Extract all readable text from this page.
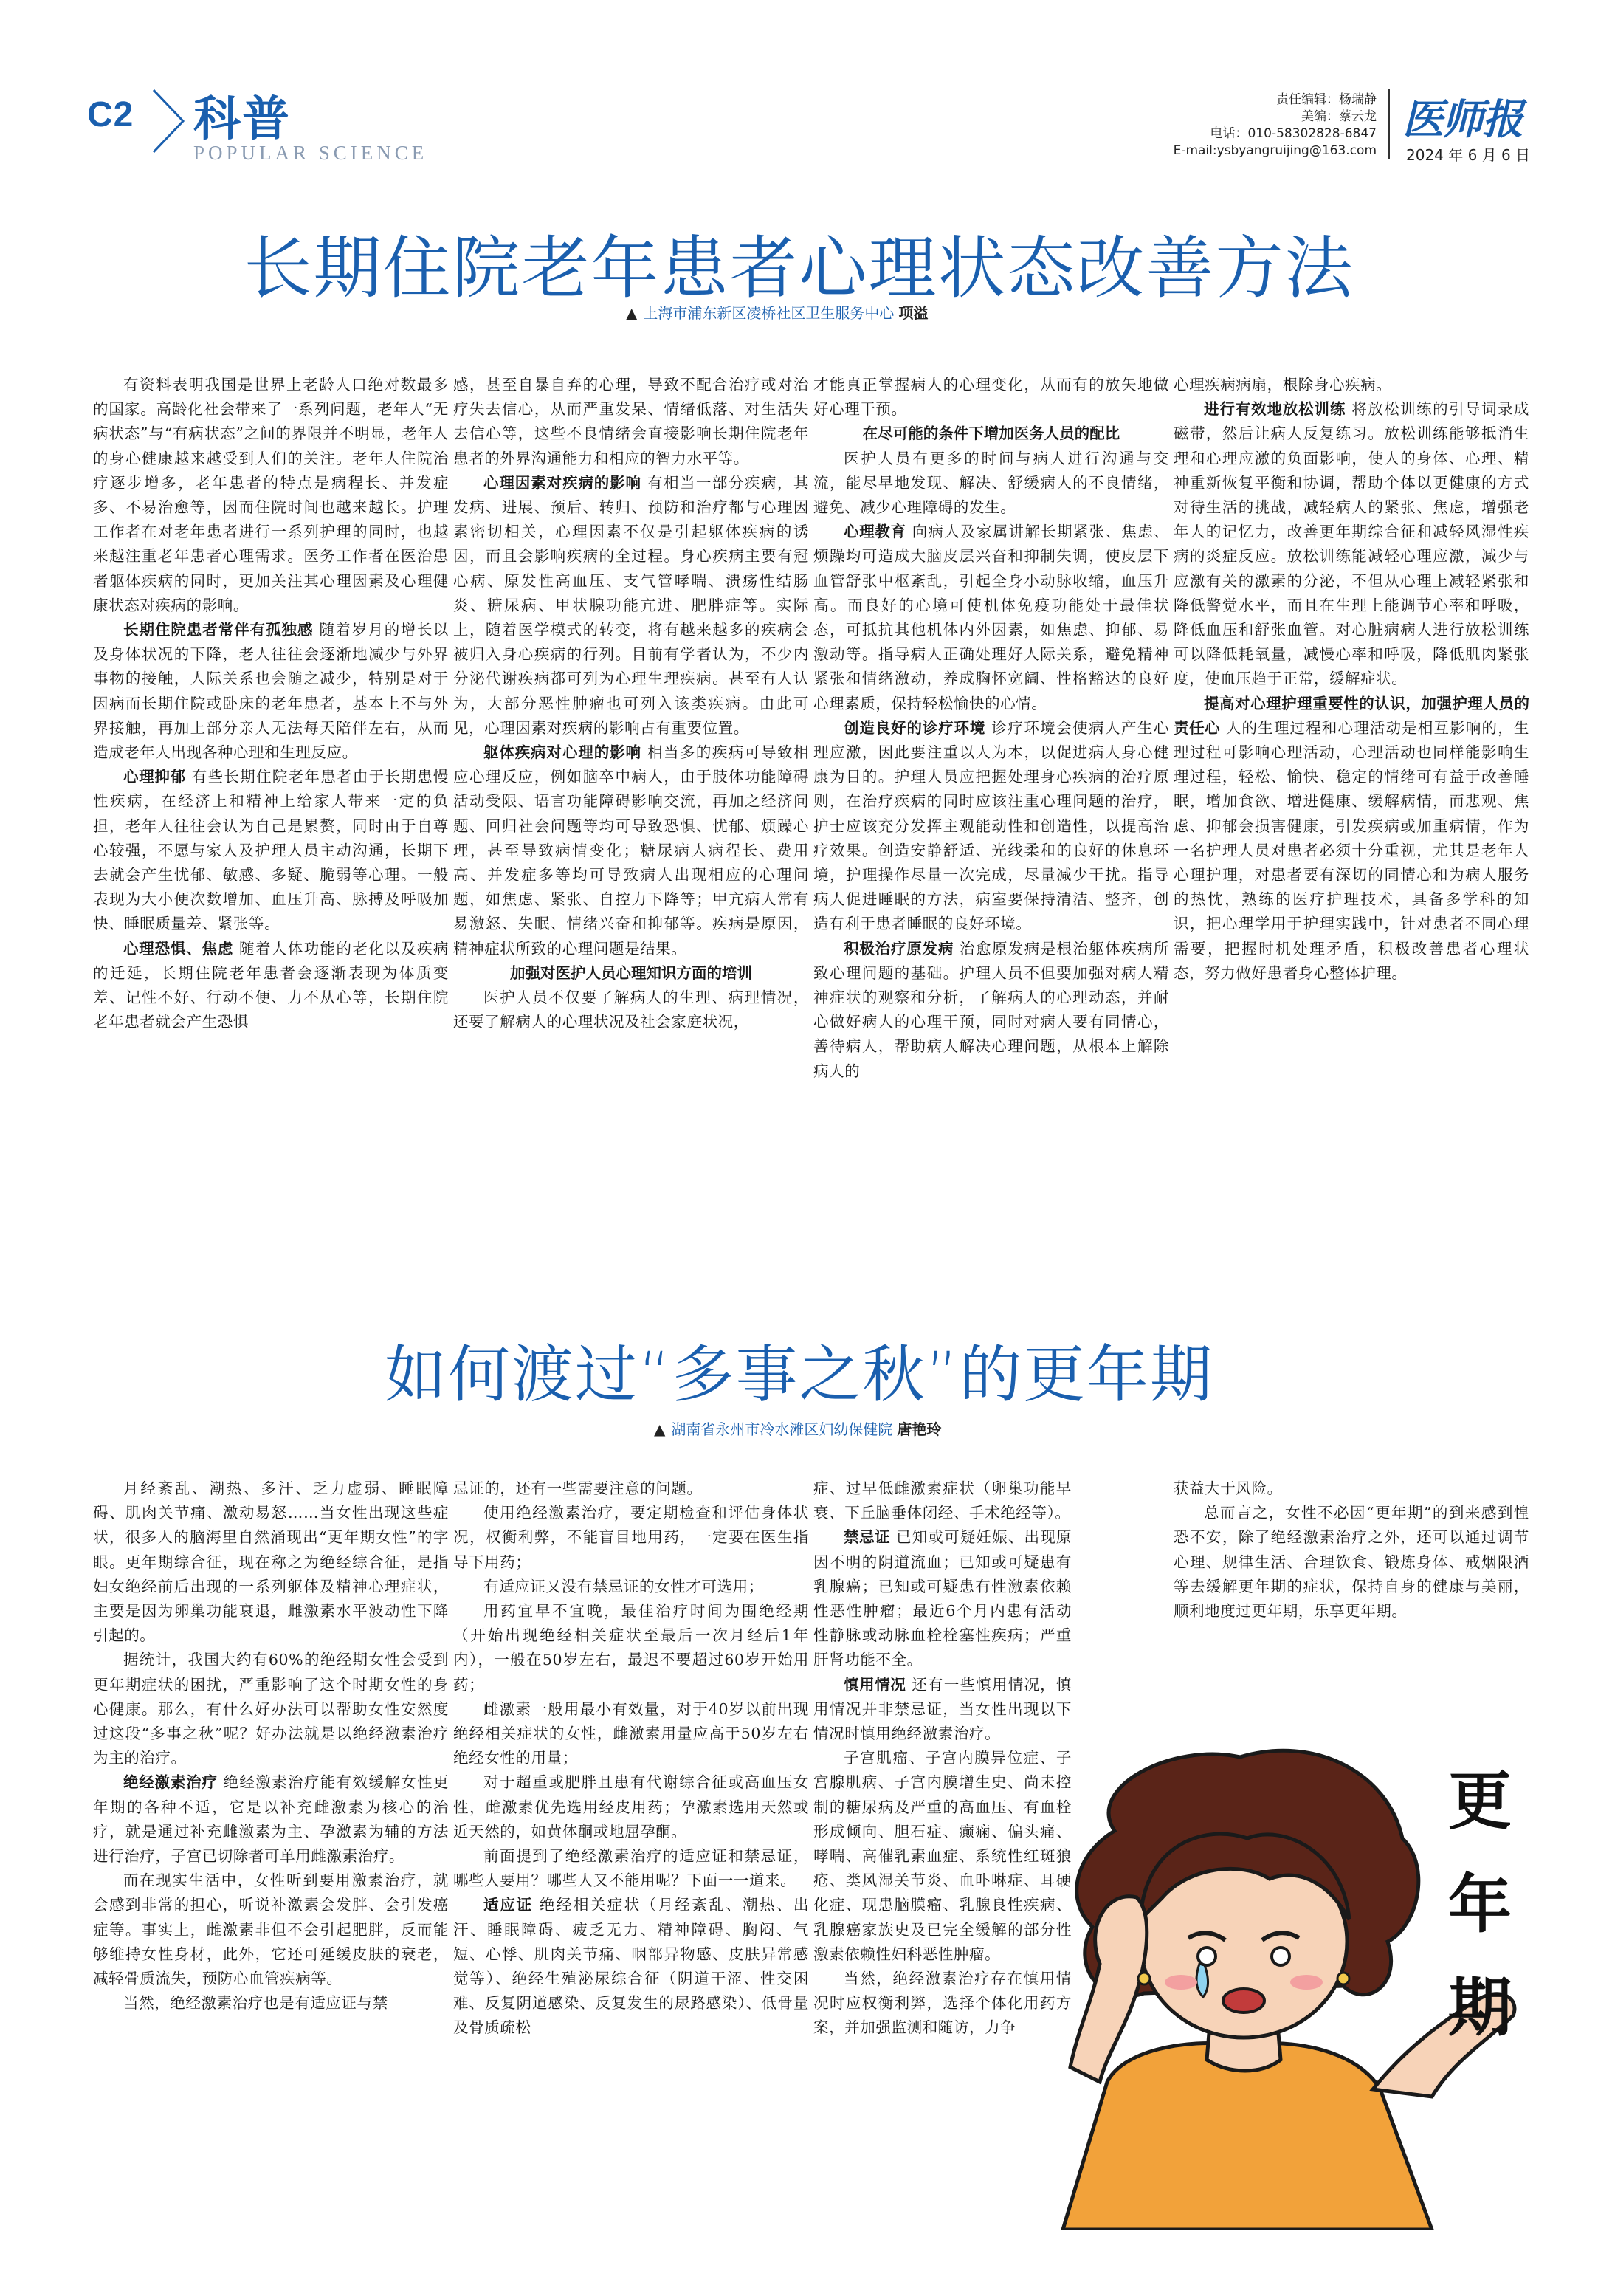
C2 科普
POPULAR SCIENCE
责任编辑：杨瑞静
美编：蔡云龙
电话：010-58302828-6847
E-mail:ysbyangruijing@163.com
医师报
2024 年 6 月 6 日
长期住院老年患者心理状态改善方法
▲ 上海市浦东新区凌桥社区卫生服务中心 项溢

有资料表明我国是世界上老龄人口绝对数最多的国家。高龄化社会带来了一系列问题，老年人“无病状态”与“有病状态”之间的界限并不明显，老年人的身心健康越来越受到人们的关注。老年人住院治疗逐步增多，老年患者的特点是病程长、并发症多、不易治愈等，因而住院时间也越来越长。护理工作者在对老年患者进行一系列护理的同时，也越来越注重老年患者心理需求。医务工作者在医治患者躯体疾病的同时，更加关注其心理因素及心理健康状态对疾病的影响。

长期住院患者常伴有孤独感 随着岁月的增长以及身体状况的下降，老人往往会逐渐地减少与外界事物的接触，人际关系也会随之减少，特别是对于因病而长期住院或卧床的老年患者，基本上不与外界接触，再加上部分亲人无法每天陪伴左右，从而造成老年人出现各种心理和生理反应。

心理抑郁 有些长期住院老年患者由于长期患慢性疾病，在经济上和精神上给家人带来一定的负担，老年人往往会认为自己是累赘，同时由于自尊心较强，不愿与家人及护理人员主动沟通，长期下去就会产生忧郁、敏感、多疑、脆弱等心理。一般表现为大小便次数增加、血压升高、脉搏及呼吸加快、睡眠质量差、紧张等。

心理恐惧、焦虑 随着人体功能的老化以及疾病的迁延，长期住院老年患者会逐渐表现为体质变差、记性不好、行动不便、力不从心等，长期住院老年患者就会产生恐惧

感，甚至自暴自弃的心理，导致不配合治疗或对治疗失去信心，从而严重发呆、情绪低落、对生活失去信心等，这些不良情绪会直接影响长期住院老年患者的外界沟通能力和相应的智力水平等。

心理因素对疾病的影响 有相当一部分疾病，其发病、进展、预后、转归、预防和治疗都与心理因素密切相关，心理因素不仅是引起躯体疾病的诱因，而且会影响疾病的全过程。身心疾病主要有冠心病、原发性高血压、支气管哮喘、溃疡性结肠炎、糖尿病、甲状腺功能亢进、肥胖症等。实际上，随着医学模式的转变，将有越来越多的疾病会被归入身心疾病的行列。目前有学者认为，不少内分泌代谢疾病都可列为心理生理疾病。甚至有人认为，大部分恶性肿瘤也可列入该类疾病。由此可见，心理因素对疾病的影响占有重要位置。

躯体疾病对心理的影响 相当多的疾病可导致相应心理反应，例如脑卒中病人，由于肢体功能障碍活动受限、语言功能障碍影响交流，再加之经济问题、回归社会问题等均可导致恐惧、忧郁、烦躁心理，甚至导致病情变化；糖尿病人病程长、费用高、并发症多等均可导致病人出现相应的心理问题，如焦虑、紧张、自控力下降等；甲亢病人常有易激怒、失眠、情绪兴奋和抑郁等。疾病是原因，精神症状所致的心理问题是结果。

加强对医护人员心理知识方面的培训

医护人员不仅要了解病人的生理、病理情况，还要了解病人的心理状况及社会家庭状况，

才能真正掌握病人的心理变化，从而有的放矢地做好心理干预。

在尽可能的条件下增加医务人员的配比

医护人员有更多的时间与病人进行沟通与交流，能尽早地发现、解决、舒缓病人的不良情绪，避免、减少心理障碍的发生。

心理教育 向病人及家属讲解长期紧张、焦虑、烦躁均可造成大脑皮层兴奋和抑制失调，使皮层下血管舒张中枢紊乱，引起全身小动脉收缩，血压升高。而良好的心境可使机体免疫功能处于最佳状态，可抵抗其他机体内外因素，如焦虑、抑郁、易激动等。指导病人正确处理好人际关系，避免精神紧张和情绪激动，养成胸怀宽阔、性格豁达的良好心理素质，保持轻松愉快的心情。

创造良好的诊疗环境 诊疗环境会使病人产生心理应激，因此要注重以人为本，以促进病人身心健康为目的。护理人员应把握处理身心疾病的治疗原则，在治疗疾病的同时应该注重心理问题的治疗，护士应该充分发挥主观能动性和创造性，以提高治疗效果。创造安静舒适、光线柔和的良好的休息环境，护理操作尽量一次完成，尽量减少干扰。指导病人促进睡眠的方法，病室要保持清洁、整齐，创造有利于患者睡眠的良好环境。

积极治疗原发病 治愈原发病是根治躯体疾病所致心理问题的基础。护理人员不但要加强对病人精神症状的观察和分析，了解病人的心理动态，并耐心做好病人的心理干预，同时对病人要有同情心，善待病人，帮助病人解决心理问题，从根本上解除病人的

心理疾病病扇，根除身心疾病。

进行有效地放松训练 将放松训练的引导词录成磁带，然后让病人反复练习。放松训练能够抵消生理和心理应激的负面影响，使人的身体、心理、精神重新恢复平衡和协调，帮助个体以更健康的方式对待生活的挑战，减轻病人的紧张、焦虑，增强老年人的记忆力，改善更年期综合征和减轻风湿性疾病的炎症反应。放松训练能减轻心理应激，减少与应激有关的激素的分泌，不但从心理上减轻紧张和降低警觉水平，而且在生理上能调节心率和呼吸，降低血压和舒张血管。对心脏病病人进行放松训练可以降低耗氧量，减慢心率和呼吸，降低肌肉紧张度，使血压趋于正常，缓解症状。

提高对心理护理重要性的认识，加强护理人员的责任心 人的生理过程和心理活动是相互影响的，生理过程可影响心理活动，心理活动也同样能影响生理过程，轻松、愉快、稳定的情绪可有益于改善睡眠，增加食欲、增进健康、缓解病情，而悲观、焦虑、抑郁会损害健康，引发疾病或加重病情，作为一名护理人员对患者必须十分重视，尤其是老年人心理护理，对患者要有深切的同情心和为病人服务的热忱，熟练的医疗护理技术，具备多学科的知识，把心理学用于护理实践中，针对患者不同心理需要，把握时机处理矛盾，积极改善患者心理状态，努力做好患者身心整体护理。

如何渡过“多事之秋”的更年期
▲ 湖南省永州市冷水滩区妇幼保健院 唐艳玲

月经紊乱、潮热、多汗、乏力虚弱、睡眠障碍、肌肉关节痛、激动易怒……当女性出现这些症状，很多人的脑海里自然涌现出“更年期女性”的字眼。更年期综合征，现在称之为绝经综合征，是指妇女绝经前后出现的一系列躯体及精神心理症状，主要是因为卵巢功能衰退，雌激素水平波动性下降引起的。

据统计，我国大约有60%的绝经期女性会受到更年期症状的困扰，严重影响了这个时期女性的身心健康。那么，有什么好办法可以帮助女性安然度过这段“多事之秋”呢？好办法就是以绝经激素治疗为主的治疗。

绝经激素治疗 绝经激素治疗能有效缓解女性更年期的各种不适，它是以补充雌激素为核心的治疗，就是通过补充雌激素为主、孕激素为辅的方法进行治疗，子宫已切除者可单用雌激素治疗。

而在现实生活中，女性听到要用激素治疗，就会感到非常的担心，听说补激素会发胖、会引发癌症等。事实上，雌激素非但不会引起肥胖，反而能够维持女性身材，此外，它还可延缓皮肤的衰老，减轻骨质流失，预防心血管疾病等。

当然，绝经激素治疗也是有适应证与禁

忌证的，还有一些需要注意的问题。

使用绝经激素治疗，要定期检查和评估身体状况，权衡利弊，不能盲目地用药，一定要在医生指导下用药；

有适应证又没有禁忌证的女性才可选用；

用药宜早不宜晚，最佳治疗时间为围绝经期（开始出现绝经相关症状至最后一次月经后1年内），一般在50岁左右，最迟不要超过60岁开始用药；

雌激素一般用最小有效量，对于40岁以前出现绝经相关症状的女性，雌激素用量应高于50岁左右绝经女性的用量；

对于超重或肥胖且患有代谢综合征或高血压女性，雌激素优先选用经皮用药；孕激素选用天然或近天然的，如黄体酮或地屈孕酮。

前面提到了绝经激素治疗的适应证和禁忌证，哪些人要用？哪些人又不能用呢？下面一一道来。

适应证 绝经相关症状（月经紊乱、潮热、出汗、睡眠障碍、疲乏无力、精神障碍、胸闷、气短、心悸、肌肉关节痛、咽部异物感、皮肤异常感觉等）、绝经生殖泌尿综合征（阴道干涩、性交困难、反复阴道感染、反复发生的尿路感染）、低骨量及骨质疏松

症、过早低雌激素症状（卵巢功能早衰、下丘脑垂体闭经、手术绝经等）。

禁忌证 已知或可疑妊娠、出现原因不明的阴道流血；已知或可疑患有乳腺癌；已知或可疑患有性激素依赖性恶性肿瘤；最近6个月内患有活动性静脉或动脉血栓栓塞性疾病；严重肝肾功能不全。

慎用情况 还有一些慎用情况，慎用情况并非禁忌证，当女性出现以下情况时慎用绝经激素治疗。

子宫肌瘤、子宫内膜异位症、子宫腺肌病、子宫内膜增生史、尚未控制的糖尿病及严重的高血压、有血栓形成倾向、胆石症、癫痫、偏头痛、哮喘、高催乳素血症、系统性红斑狼疮、类风湿关节炎、血卟啉症、耳硬化症、现患脑膜瘤、乳腺良性疾病、乳腺癌家族史及已完全缓解的部分性激素依赖性妇科恶性肿瘤。

当然，绝经激素治疗存在慎用情况时应权衡利弊，选择个体化用药方案，并加强监测和随访，力争

获益大于风险。

总而言之，女性不必因“更年期”的到来感到惶恐不安，除了绝经激素治疗之外，还可以通过调节心理、规律生活、合理饮食、锻炼身体、戒烟限酒等去缓解更年期的症状，保持自身的健康与美丽，顺利地度过更年期，乐享更年期。

更
年
期
